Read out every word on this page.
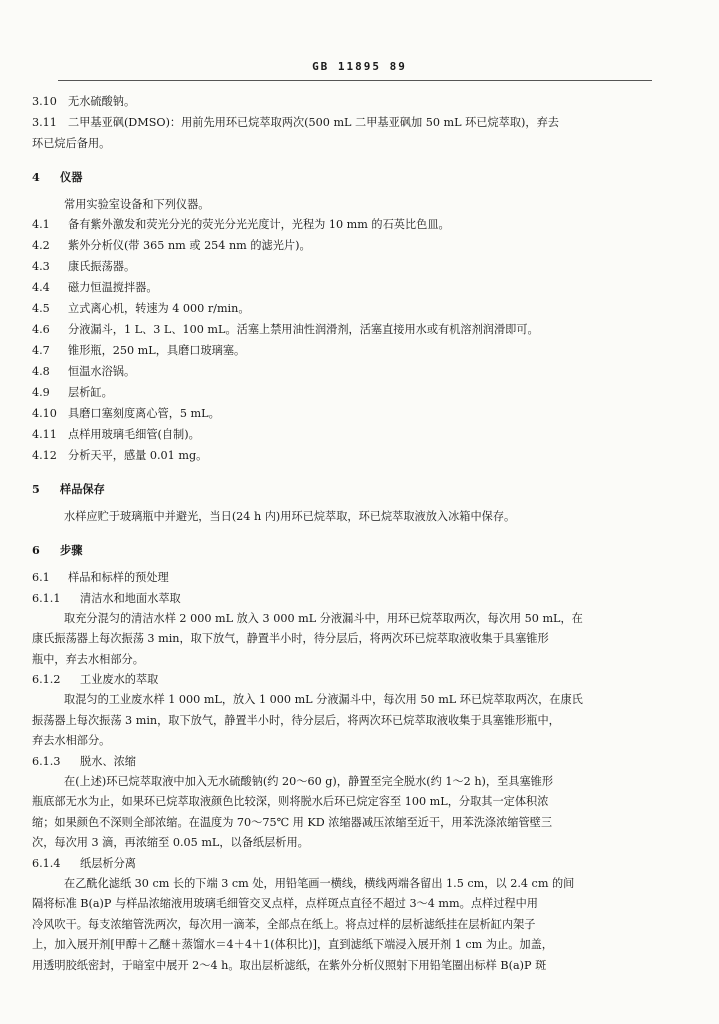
GB 11895 89
3.10 无水硫酸钠。
3.11 二甲基亚砜(DMSO)：用前先用环已烷萃取两次(500 mL 二甲基亚砜加 50 mL 环已烷萃取)，弃去
环已烷后备用。
4	仪器
常用实验室设备和下列仪器。
4.1	备有紫外激发和荧光分光的荧光分光光度计，光程为 10 mm 的石英比色皿。
4.2	紫外分析仪(带 365 nm 或 254 nm 的滤光片)。
4.3	康氏振荡器。
4.4	磁力恒温搅拌器。
4.5	立式离心机，转速为 4 000 r/min。
4.6	分液漏斗，1 L、3 L、100 mL。活塞上禁用油性润滑剂，活塞直接用水或有机溶剂润滑即可。
4.7	锥形瓶，250 mL，具磨口玻璃塞。
4.8	恒温水浴锅。
4.9	层析缸。
4.10 具磨口塞刻度离心管，5 mL。
4.11 点样用玻璃毛细管(自制)。
4.12 分析天平，感量 0.01 mg。
5	样品保存
水样应贮于玻璃瓶中并避光，当日(24 h 内)用环已烷萃取，环已烷萃取液放入冰箱中保存。
6	步骤
6.1	样品和标样的预处理
6.1.1	清洁水和地面水萃取
取充分混匀的清洁水样 2 000 mL 放入 3 000 mL 分液漏斗中，用环已烷萃取两次，每次用 50 mL，在
康氏振荡器上每次振荡 3 min，取下放气，静置半小时，待分层后，将两次环已烷萃取液收集于具塞锥形
瓶中，弃去水相部分。
6.1.2	工业废水的萃取
取混匀的工业废水样 1 000 mL，放入 1 000 mL 分液漏斗中，每次用 50 mL 环已烷萃取两次，在康氏
振荡器上每次振荡 3 min，取下放气，静置半小时，待分层后，将两次环已烷萃取液收集于具塞锥形瓶中，
弃去水相部分。
6.1.3	脱水、浓缩
在(上述)环已烷萃取液中加入无水硫酸钠(约 20～60 g)，静置至完全脱水(约 1～2 h)，至具塞锥形
瓶底部无水为止，如果环已烷萃取液颜色比较深，则将脱水后环已烷定容至 100 mL，分取其一定体积浓
缩；如果颜色不深则全部浓缩。在温度为 70～75℃ 用 KD 浓缩器减压浓缩至近干，用苯洗涤浓缩管壁三
次，每次用 3 滴，再浓缩至 0.05 mL，以备纸层析用。
6.1.4	纸层析分离
在乙酰化滤纸 30 cm 长的下端 3 cm 处，用铅笔画一横线，横线两端各留出 1.5 cm，以 2.4 cm 的间
隔将标准 B(a)P 与样品浓缩液用玻璃毛细管交叉点样，点样斑点直径不超过 3～4 mm。点样过程中用
冷风吹干。每支浓缩管洗两次，每次用一滴苯，全部点在纸上。将点过样的层析滤纸挂在层析缸内架子
上，加入展开剂[甲醇＋乙醚＋蒸馏水＝4＋4＋1(体积比)]，直到滤纸下端浸入展开剂 1 cm 为止。加盖，
用透明胶纸密封，于暗室中展开 2～4 h。取出层析滤纸，在紫外分析仪照射下用铅笔圈出标样 B(a)P 斑
